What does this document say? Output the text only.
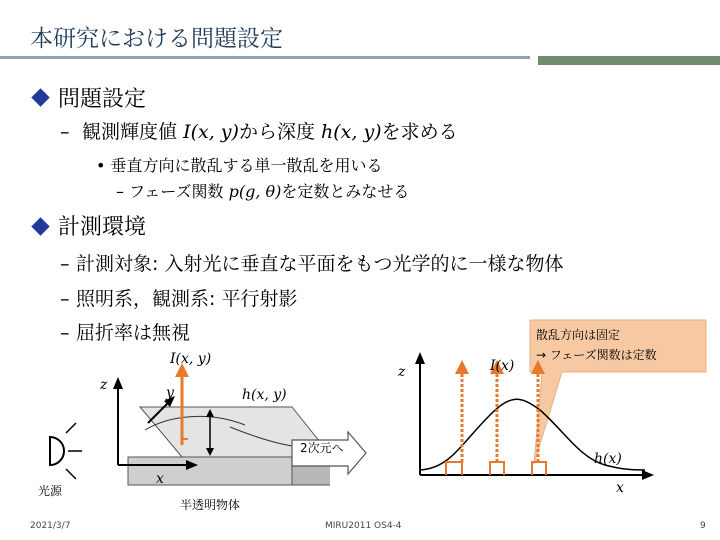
本研究における問題設定
問題設定
– 観測輝度値 I(x, y)から深度 h(x, y)を求める
• 垂直方向に散乱する単一散乱を用いる
– フェーズ関数 p(g, θ)を定数とみなせる
計測環境
– 計測対象: 入射光に垂直な平面をもつ光学的に一様な物体
– 照明系，観測系: 平行射影
– 屈折率は無視	散乱方向は固定
→ フェーズ関数は定数
I(x, y)
z	y	h(x, y)
x
光源
半透明物体
2次元へ
z	I(x)
h(x)
x
2021/3/7	MIRU2011 OS4-4	9
